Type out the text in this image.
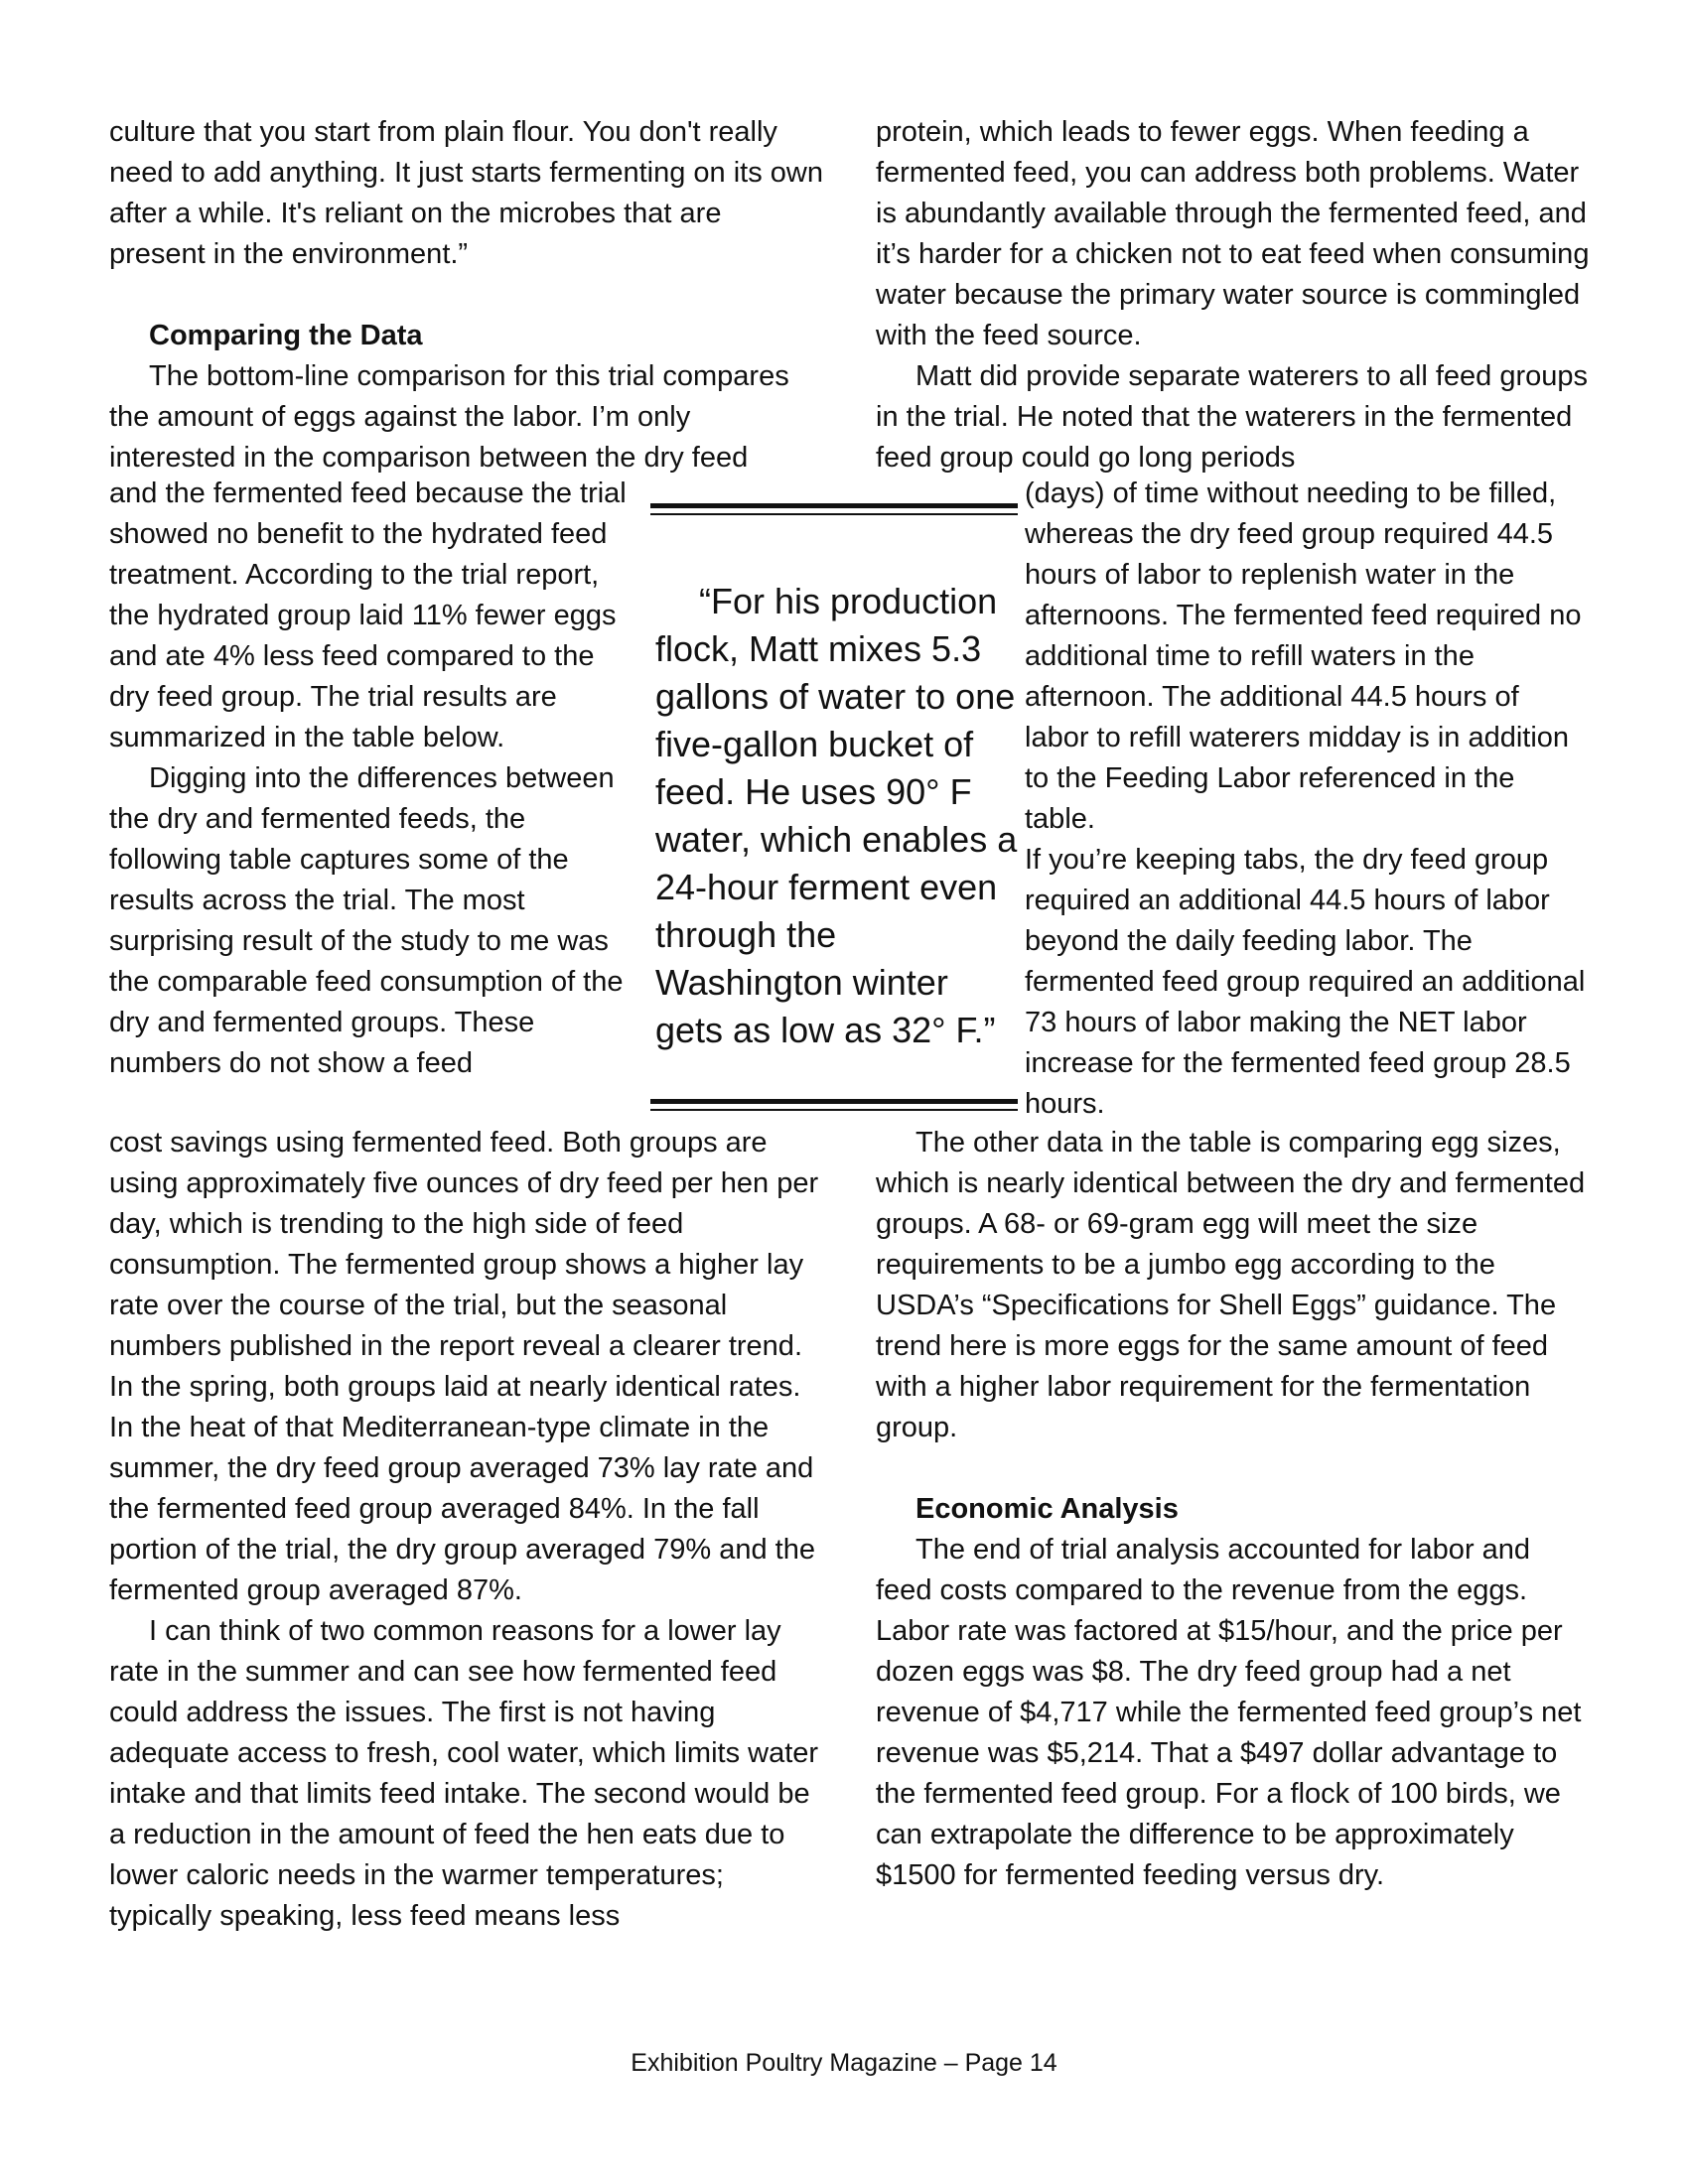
culture that you start from plain flour. You don't really need to add anything. It just starts fermenting on its own after a while. It's reliant on the microbes that are present in the environment.”

Comparing the Data

The bottom-line comparison for this trial compares the amount of eggs against the labor. I’m only interested in the comparison between the dry feed

and the fermented feed because the trial showed no benefit to the hydrated feed treatment. According to the trial report, the hydrated group laid 11% fewer eggs and ate 4% less feed compared to the dry feed group. The trial results are summarized in the table below.

Digging into the differences between the dry and fermented feeds, the following table captures some of the results across the trial. The most surprising result of the study to me was the comparable feed consumption of the dry and fermented groups. These numbers do not show a feed

cost savings using fermented feed. Both groups are using approximately five ounces of dry feed per hen per day, which is trending to the high side of feed consumption. The fermented group shows a higher lay rate over the course of the trial, but the seasonal numbers published in the report reveal a clearer trend. In the spring, both groups laid at nearly identical rates. In the heat of that Mediterranean-type climate in the summer, the dry feed group averaged 73% lay rate and the fermented feed group averaged 84%. In the fall portion of the trial, the dry group averaged 79% and the fermented group averaged 87%.

I can think of two common reasons for a lower lay rate in the summer and can see how fermented feed could address the issues. The first is not having adequate access to fresh, cool water, which limits water intake and that limits feed intake. The second would be a reduction in the amount of feed the hen eats due to lower caloric needs in the warmer temperatures; typically speaking, less feed means less

“For his production flock, Matt mixes 5.3 gallons of water to one five-gallon bucket of feed. He uses 90° F water, which enables a 24-hour ferment even through the Washington winter gets as low as 32° F.”

protein, which leads to fewer eggs. When feeding a fermented feed, you can address both problems. Water is abundantly available through the fermented feed, and it’s harder for a chicken not to eat feed when consuming water because the primary water source is commingled with the feed source.

Matt did provide separate waterers to all feed groups in the trial. He noted that the waterers in the fermented feed group could go long periods

(days) of time without needing to be filled, whereas the dry feed group required 44.5 hours of labor to replenish water in the afternoons. The fermented feed required no additional time to refill waters in the afternoon. The additional 44.5 hours of labor to refill waterers midday is in addition to the Feeding Labor referenced in the table.

If you’re keeping tabs, the dry feed group required an additional 44.5 hours of labor beyond the daily feeding labor. The fermented feed group required an additional 73 hours of labor making the NET labor increase for the fermented feed group 28.5 hours.

The other data in the table is comparing egg sizes, which is nearly identical between the dry and fermented groups. A 68- or 69-gram egg will meet the size requirements to be a jumbo egg according to the USDA’s “Specifications for Shell Eggs” guidance. The trend here is more eggs for the same amount of feed with a higher labor requirement for the fermentation group.

Economic Analysis

The end of trial analysis accounted for labor and feed costs compared to the revenue from the eggs. Labor rate was factored at $15/hour, and the price per dozen eggs was $8. The dry feed group had a net revenue of $4,717 while the fermented feed group’s net revenue was $5,214. That a $497 dollar advantage to the fermented feed group. For a flock of 100 birds, we can extrapolate the difference to be approximately $1500 for fermented feeding versus dry.

Exhibition Poultry Magazine – Page 14
